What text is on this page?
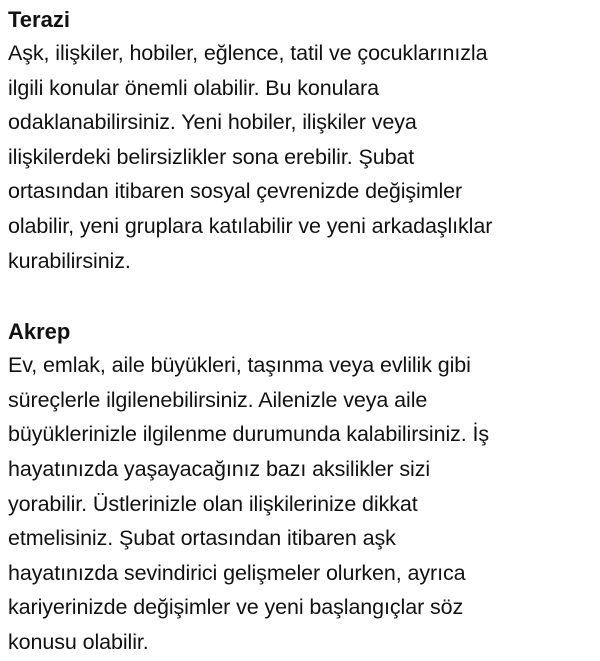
Terazi

Aşk, ilişkiler, hobiler, eğlence, tatil ve çocuklarınızla
ilgili konular önemli olabilir. Bu konulara
odaklanabilirsiniz. Yeni hobiler, ilişkiler veya
ilişkilerdeki belirsizlikler sona erebilir. Şubat
ortasından itibaren sosyal çevrenizde değişimler
olabilir, yeni gruplara katılabilir ve yeni arkadaşlıklar
kurabilirsiniz.

Akrep

Ev, emlak, aile büyükleri, taşınma veya evlilik gibi
süreçlerle ilgilenebilirsiniz. Ailenizle veya aile
büyüklerinizle ilgilenme durumunda kalabilirsiniz. İş
hayatınızda yaşayacağınız bazı aksilikler sizi
yorabilir. Üstlerinizle olan ilişkilerinize dikkat
etmelisiniz. Şubat ortasından itibaren aşk
hayatınızda sevindirici gelişmeler olurken, ayrıca
kariyerinizde değişimler ve yeni başlangıçlar söz
konusu olabilir.
